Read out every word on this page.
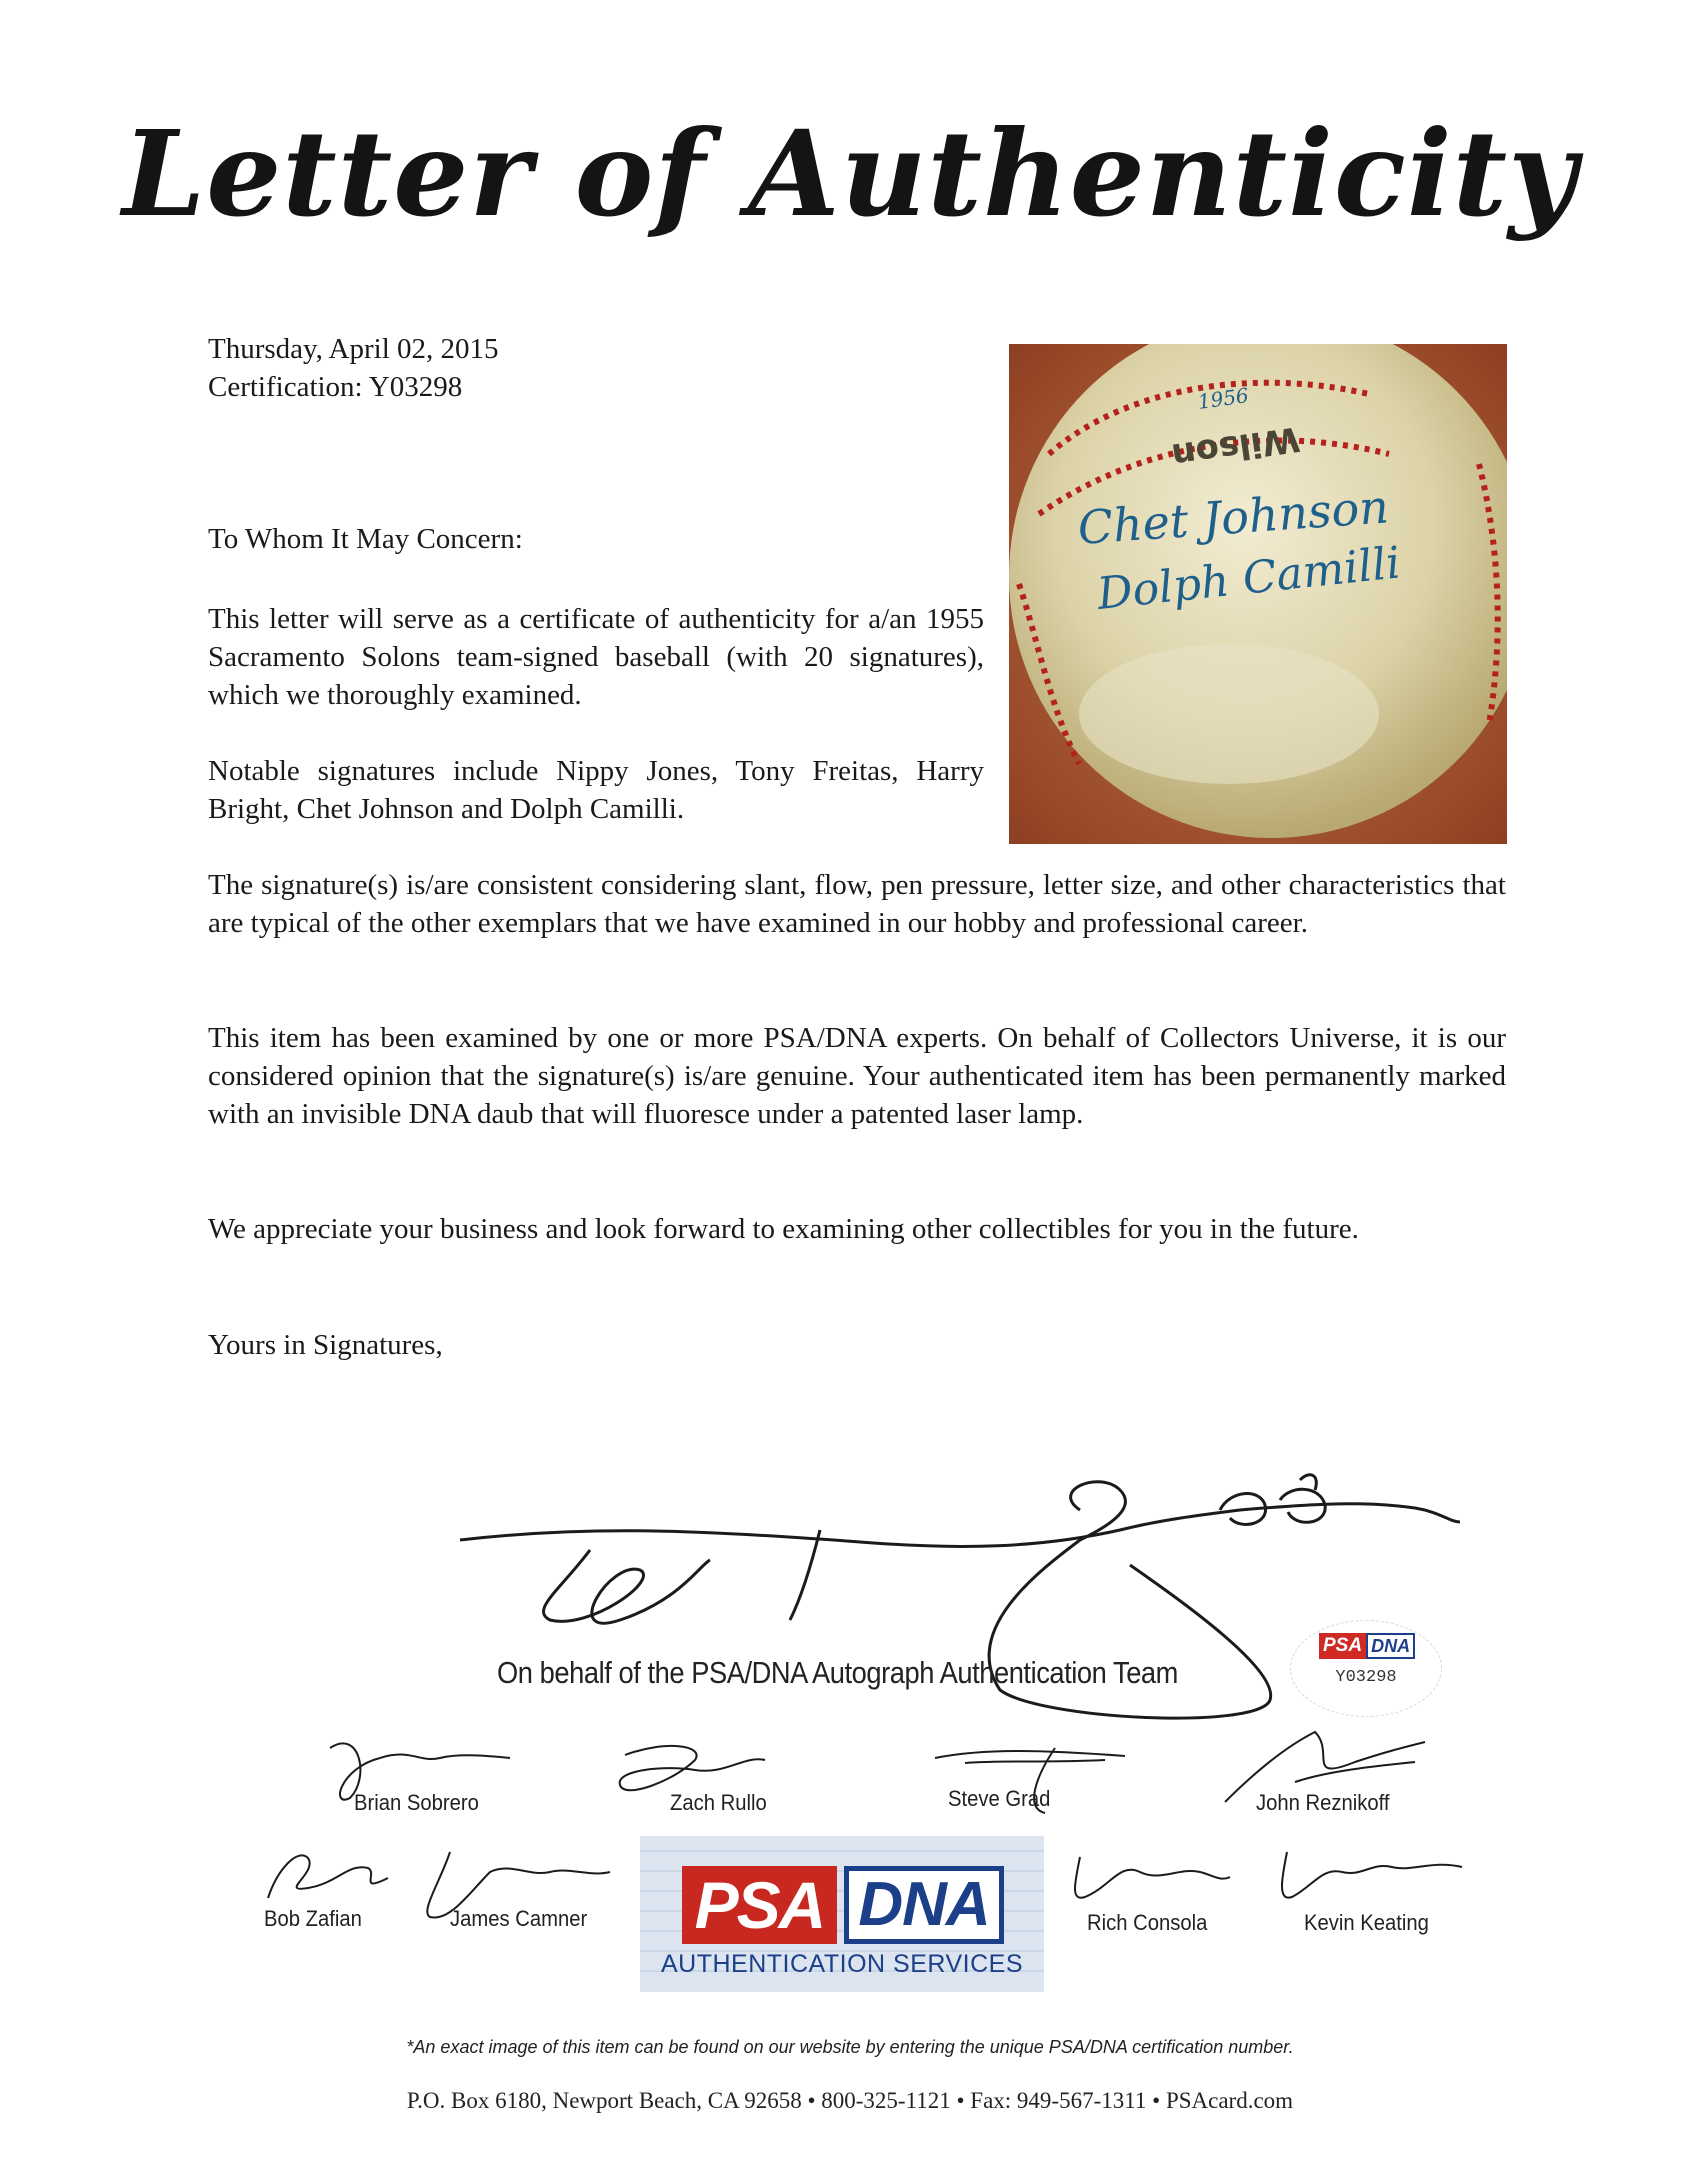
Letter of Authenticity
Thursday, April 02, 2015
Certification: Y03298
To Whom It May Concern:
This letter will serve as a certificate of authenticity for a/an 1955 Sacramento Solons team-signed baseball (with 20 signatures), which we thoroughly examined.
Notable signatures include Nippy Jones, Tony Freitas, Harry Bright, Chet Johnson and Dolph Camilli.
The signature(s) is/are consistent considering slant, flow, pen pressure, letter size, and other characteristics that are typical of the other exemplars that we have examined in our hobby and professional career.
This item has been examined by one or more PSA/DNA experts. On behalf of Collectors Universe, it is our considered opinion that the signature(s) is/are genuine. Your authenticated item has been permanently marked with an invisible DNA daub that will fluoresce under a patented laser lamp.
We appreciate your business and look forward to examining other collectibles for you in the future.
Yours in Signatures,
1956
Wilson
Chet Johnson
Dolph Camilli
On behalf of the PSA/DNA Autograph Authentication Team
PSA DNA
Y03298
Brian Sobrero	Zach Rullo	Steve Grad	John Reznikoff
Bob Zafian	James Camner	Rich Consola	Kevin Keating
PSA DNA
AUTHENTICATION SERVICES
*An exact image of this item can be found on our website by entering the unique PSA/DNA certification number.
P.O. Box 6180, Newport Beach, CA 92658 • 800-325-1121 • Fax: 949-567-1311 • PSAcard.com
